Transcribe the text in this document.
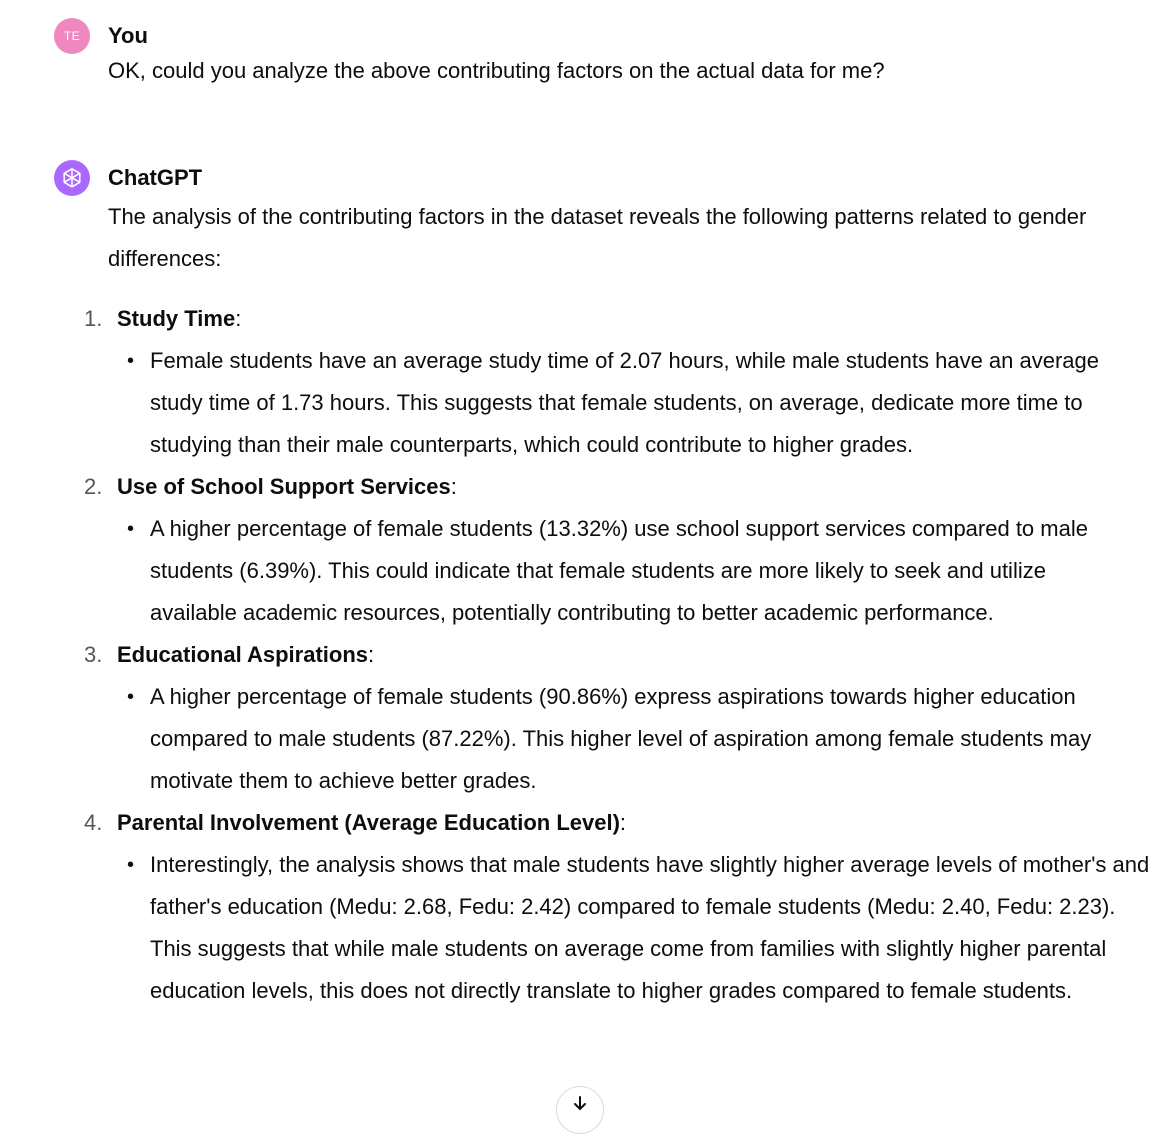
TE You
OK, could you analyze the above contributing factors on the actual data for me?
ChatGPT
The analysis of the contributing factors in the dataset reveals the following patterns related to gender differences:
1. Study Time:
• Female students have an average study time of 2.07 hours, while male students have an average study time of 1.73 hours. This suggests that female students, on average, dedicate more time to studying than their male counterparts, which could contribute to higher grades.
2. Use of School Support Services:
• A higher percentage of female students (13.32%) use school support services compared to male students (6.39%). This could indicate that female students are more likely to seek and utilize available academic resources, potentially contributing to better academic performance.
3. Educational Aspirations:
• A higher percentage of female students (90.86%) express aspirations towards higher education compared to male students (87.22%). This higher level of aspiration among female students may motivate them to achieve better grades.
4. Parental Involvement (Average Education Level):
• Interestingly, the analysis shows that male students have slightly higher average levels of mother's and father's education (Medu: 2.68, Fedu: 2.42) compared to female students (Medu: 2.40, Fedu: 2.23). This suggests that while male students on average come from families with slightly higher parental education levels, this does not directly translate to higher grades compared to female students.
